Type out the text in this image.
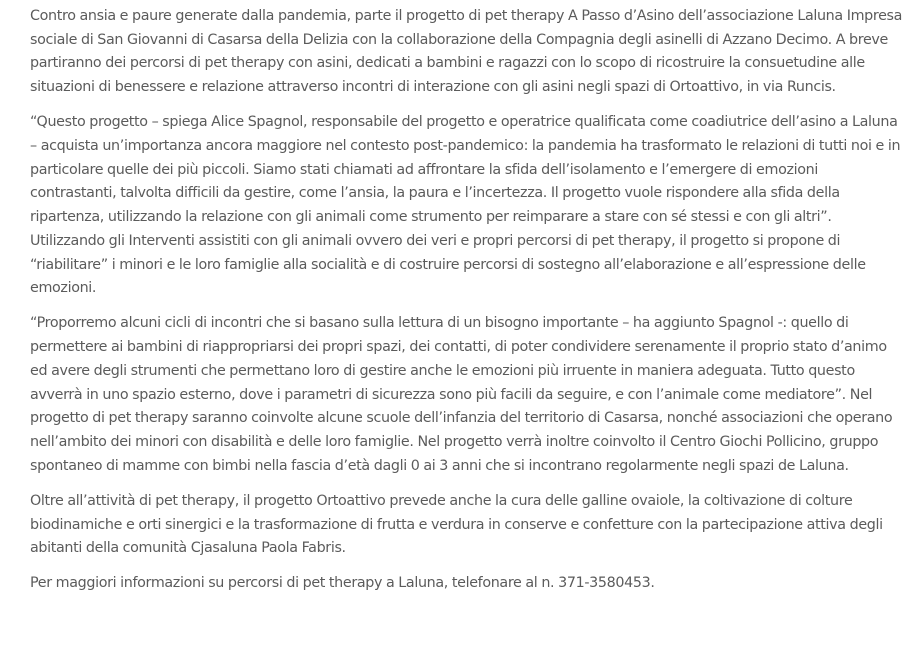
Contro ansia e paure generate dalla pandemia, parte il progetto di pet therapy A Passo d’Asino dell’associazione Laluna Impresa sociale di San Giovanni di Casarsa della Delizia con la collaborazione della Compagnia degli asinelli di Azzano Decimo. A breve partiranno dei percorsi di pet therapy con asini, dedicati a bambini e ragazzi con lo scopo di ricostruire la consuetudine alle situazioni di benessere e relazione attraverso incontri di interazione con gli asini negli spazi di Ortoattivo, in via Runcis.

“Questo progetto – spiega Alice Spagnol, responsabile del progetto e operatrice qualificata come coadiutrice dell’asino a Laluna – acquista un’importanza ancora maggiore nel contesto post-pandemico: la pandemia ha trasformato le relazioni di tutti noi e in particolare quelle dei più piccoli. Siamo stati chiamati ad affrontare la sfida dell’isolamento e l’emergere di emozioni contrastanti, talvolta difficili da gestire, come l’ansia, la paura e l’incertezza. Il progetto vuole rispondere alla sfida della ripartenza, utilizzando la relazione con gli animali come strumento per reimparare a stare con sé stessi e con gli altri”. Utilizzando gli Interventi assistiti con gli animali ovvero dei veri e propri percorsi di pet therapy, il progetto si propone di “riabilitare” i minori e le loro famiglie alla socialità e di costruire percorsi di sostegno all’elaborazione e all’espressione delle emozioni.

“Proporremo alcuni cicli di incontri che si basano sulla lettura di un bisogno importante – ha aggiunto Spagnol -: quello di permettere ai bambini di riappropriarsi dei propri spazi, dei contatti, di poter condividere serenamente il proprio stato d’animo ed avere degli strumenti che permettano loro di gestire anche le emozioni più irruente in maniera adeguata. Tutto questo avverrà in uno spazio esterno, dove i parametri di sicurezza sono più facili da seguire, e con l’animale come mediatore”. Nel progetto di pet therapy saranno coinvolte alcune scuole dell’infanzia del territorio di Casarsa, nonché associazioni che operano nell’ambito dei minori con disabilità e delle loro famiglie. Nel progetto verrà inoltre coinvolto il Centro Giochi Pollicino, gruppo spontaneo di mamme con bimbi nella fascia d’età dagli 0 ai 3 anni che si incontrano regolarmente negli spazi de Laluna.

Oltre all’attività di pet therapy, il progetto Ortoattivo prevede anche la cura delle galline ovaiole, la coltivazione di colture biodinamiche e orti sinergici e la trasformazione di frutta e verdura in conserve e confetture con la partecipazione attiva degli abitanti della comunità Cjasaluna Paola Fabris.

Per maggiori informazioni su percorsi di pet therapy a Laluna, telefonare al n. 371-3580453.
